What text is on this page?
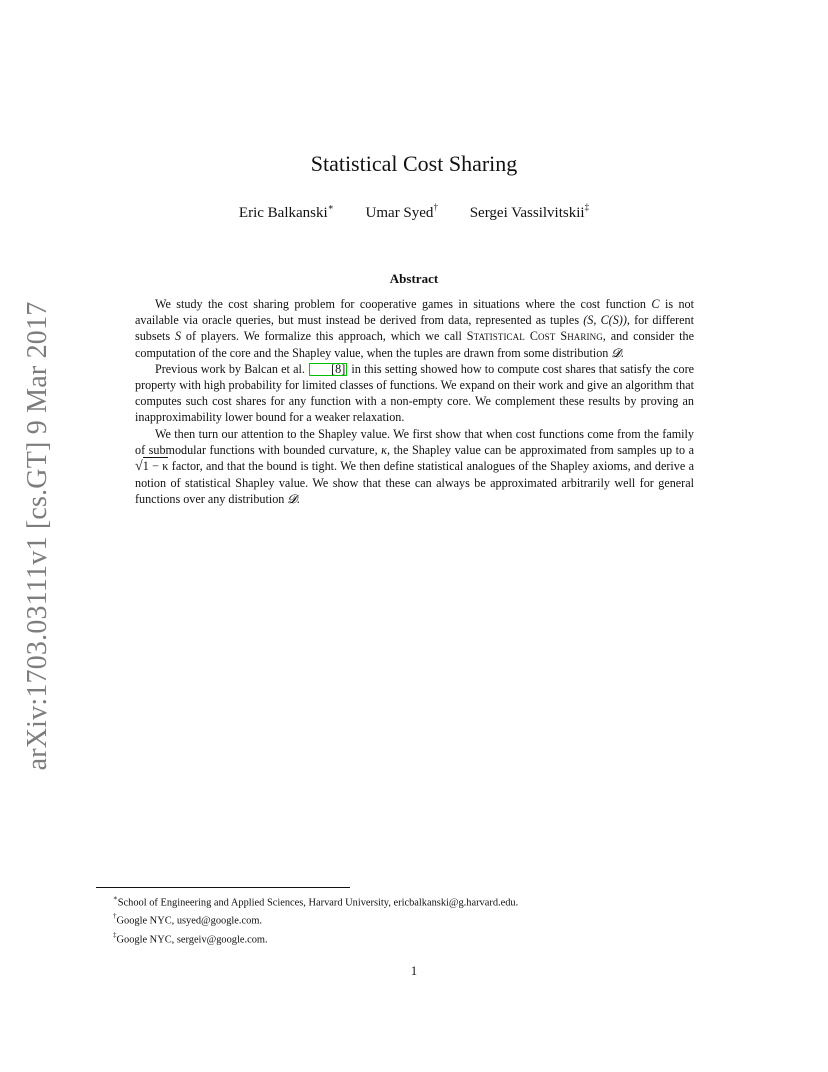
arXiv:1703.03111v1 [cs.GT] 9 Mar 2017
Statistical Cost Sharing
Eric Balkanski∗ Umar Syed† Sergei Vassilvitskii‡
Abstract

We study the cost sharing problem for cooperative games in situations where the cost function C is not available via oracle queries, but must instead be derived from data, represented as tuples (S, C(S)), for different subsets S of players. We formalize this approach, which we call Statistical Cost Sharing, and consider the computation of the core and the Shapley value, when the tuples are drawn from some distribution 𝓓.

Previous work by Balcan et al. [8] in this setting showed how to compute cost shares that satisfy the core property with high probability for limited classes of functions. We expand on their work and give an algorithm that computes such cost shares for any function with a non-empty core. We complement these results by proving an inapproximability lower bound for a weaker relaxation.

We then turn our attention to the Shapley value. We first show that when cost functions come from the family of submodular functions with bounded curvature, κ, the Shapley value can be approximated from samples up to a √1 − κ factor, and that the bound is tight. We then define statistical analogues of the Shapley axioms, and derive a notion of statistical Shapley value. We show that these can always be approximated arbitrarily well for general functions over any distribution 𝓓.

∗School of Engineering and Applied Sciences, Harvard University, ericbalkanski@g.harvard.edu.
†Google NYC, usyed@google.com.
‡Google NYC, sergeiv@google.com.
1
